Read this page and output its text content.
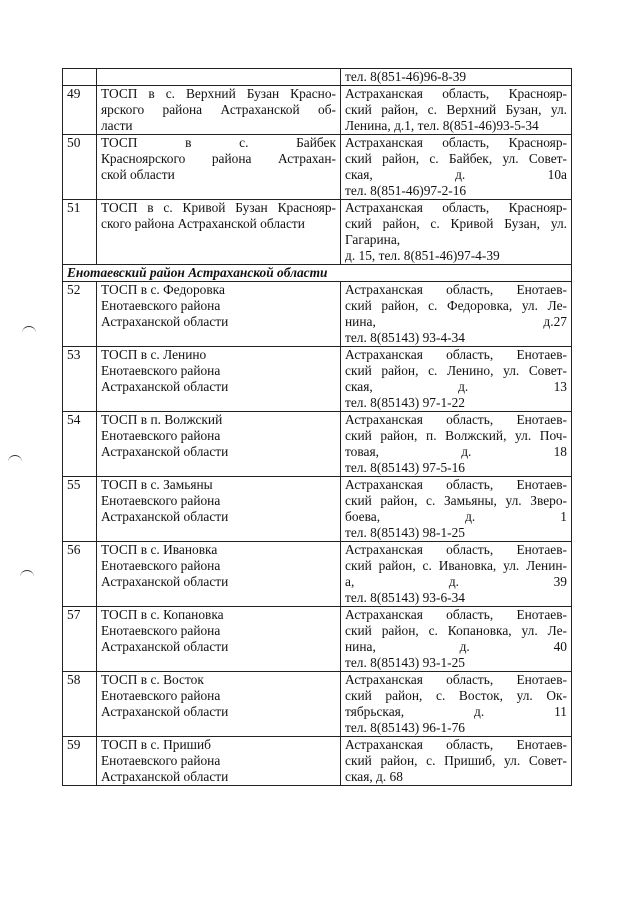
		тел. 8(851-46)96-8-39

49	ТОСП в с. Верхний Бузан Красно-
ярского района Астраханской об-
ласти	Астраханская область, Краснояр-
ский район, с. Верхний Бузан, ул.
Ленина, д.1, тел. 8(851-46)93-5-34

50	ТОСП в с. Байбек
Красноярского района Астрахан-
ской области	Астраханская область, Краснояр-
ский район, с. Байбек, ул. Совет-
ская, д. 10а
тел. 8(851-46)97-2-16

51	ТОСП в с. Кривой Бузан Краснояр-
ского района Астраханской области	Астраханская область, Краснояр-
ский район, с. Кривой Бузан, ул.
Гагарина,
д. 15, тел. 8(851-46)97-4-39

Енотаевский район Астраханской области		
52	ТОСП в с. Федоровка
Енотаевского района
Астраханской области	Астраханская область, Енотаев-
ский район, с. Федоровка, ул. Ле-
нина, д.27
тел. 8(85143) 93-4-34

53	ТОСП в с. Ленино
Енотаевского района
Астраханской области	Астраханская область, Енотаев-
ский район, с. Ленино, ул. Совет-
ская, д. 13
тел. 8(85143) 97-1-22

54	ТОСП в п. Волжский
Енотаевского района
Астраханской области	Астраханская область, Енотаев-
ский район, п. Волжский, ул. Поч-
товая, д. 18
тел. 8(85143) 97-5-16

55	ТОСП в с. Замьяны
Енотаевского района
Астраханской области	Астраханская область, Енотаев-
ский район, с. Замьяны, ул. Зверо-
боева, д. 1
тел. 8(85143) 98-1-25

56	ТОСП в с. Ивановка
Енотаевского района
Астраханской области	Астраханская область, Енотаев-
ский район, с. Ивановка, ул. Ленин-
а, д. 39
тел. 8(85143) 93-6-34

57	ТОСП в с. Копановка
Енотаевского района
Астраханской области	Астраханская область, Енотаев-
ский район, с. Копановка, ул. Ле-
нина, д. 40
тел. 8(85143) 93-1-25

58	ТОСП в с. Восток
Енотаевского района
Астраханской области	Астраханская область, Енотаев-
ский район, с. Восток, ул. Ок-
тябрьская, д. 11
тел. 8(85143) 96-1-76

59	ТОСП в с. Пришиб
Енотаевского района
Астраханской области	Астраханская область, Енотаев-
ский район, с. Пришиб, ул. Совет-
ская, д. 68
